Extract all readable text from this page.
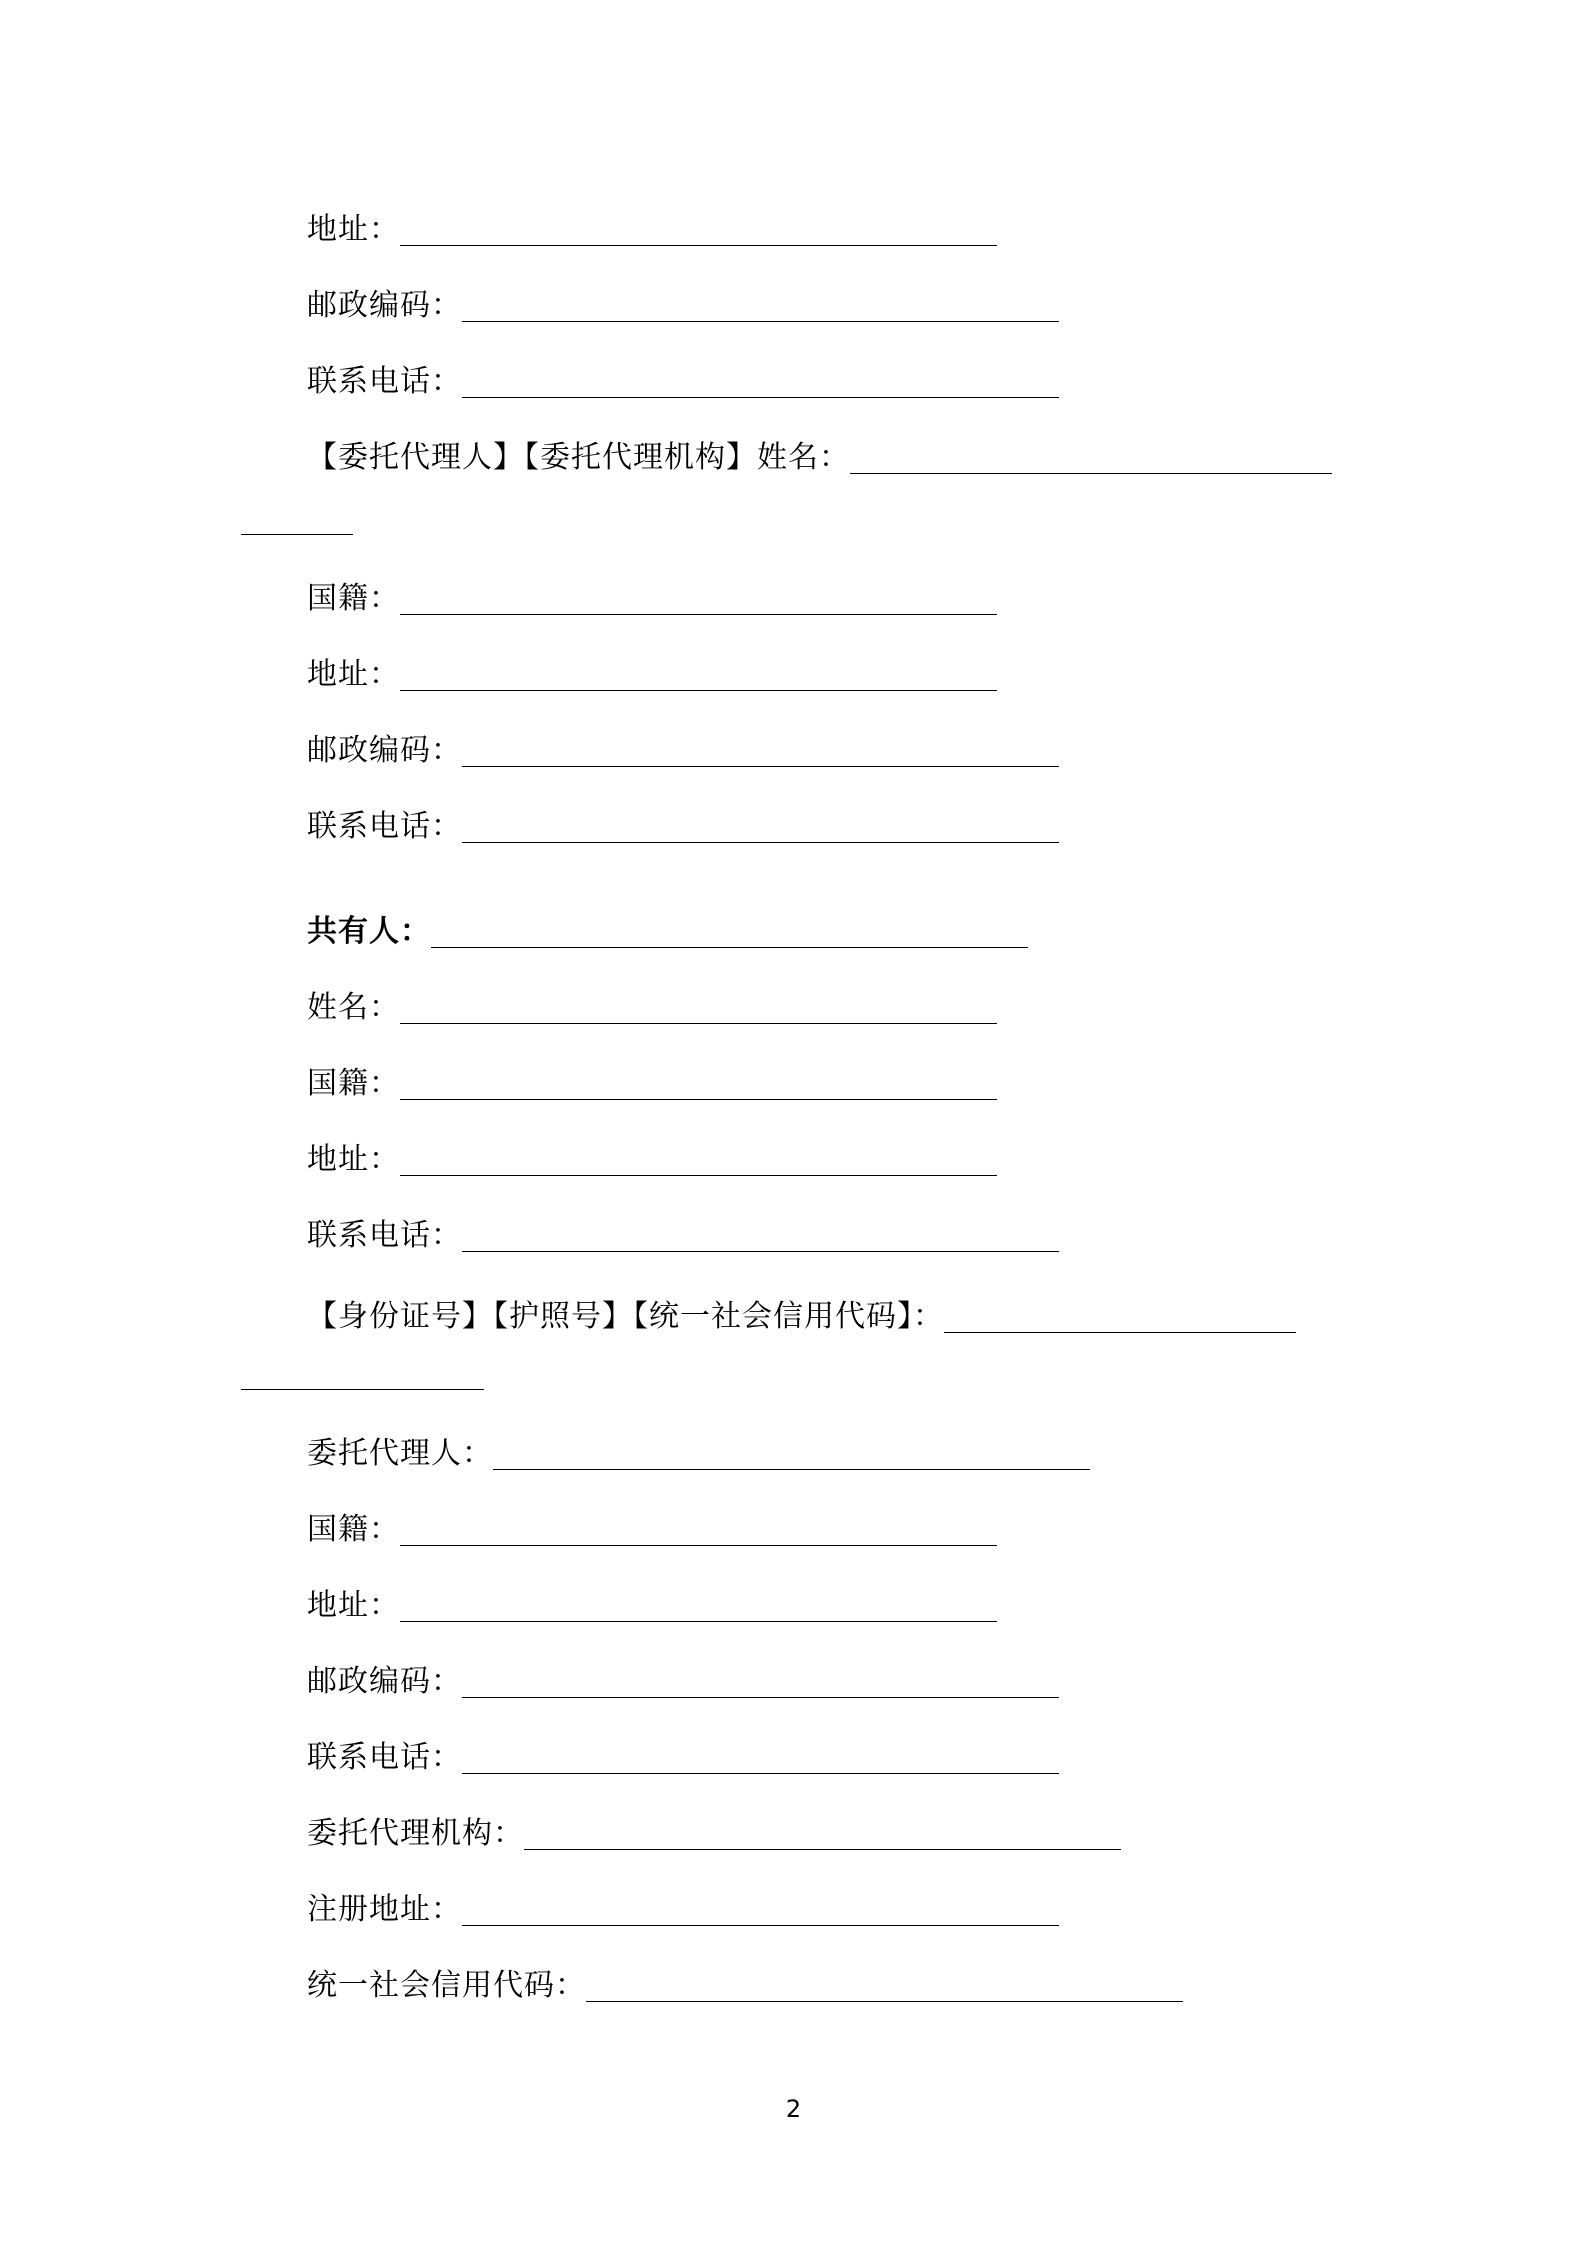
地址：
邮政编码：
联系电话：
【委托代理人】【委托代理机构】姓名：
国籍：
地址：
邮政编码：
联系电话：
共有人：
姓名：
国籍：
地址：
联系电话：
【身份证号】【护照号】【统一社会信用代码】：
委托代理人：
国籍：
地址：
邮政编码：
联系电话：
委托代理机构：
注册地址：
统一社会信用代码：
2
